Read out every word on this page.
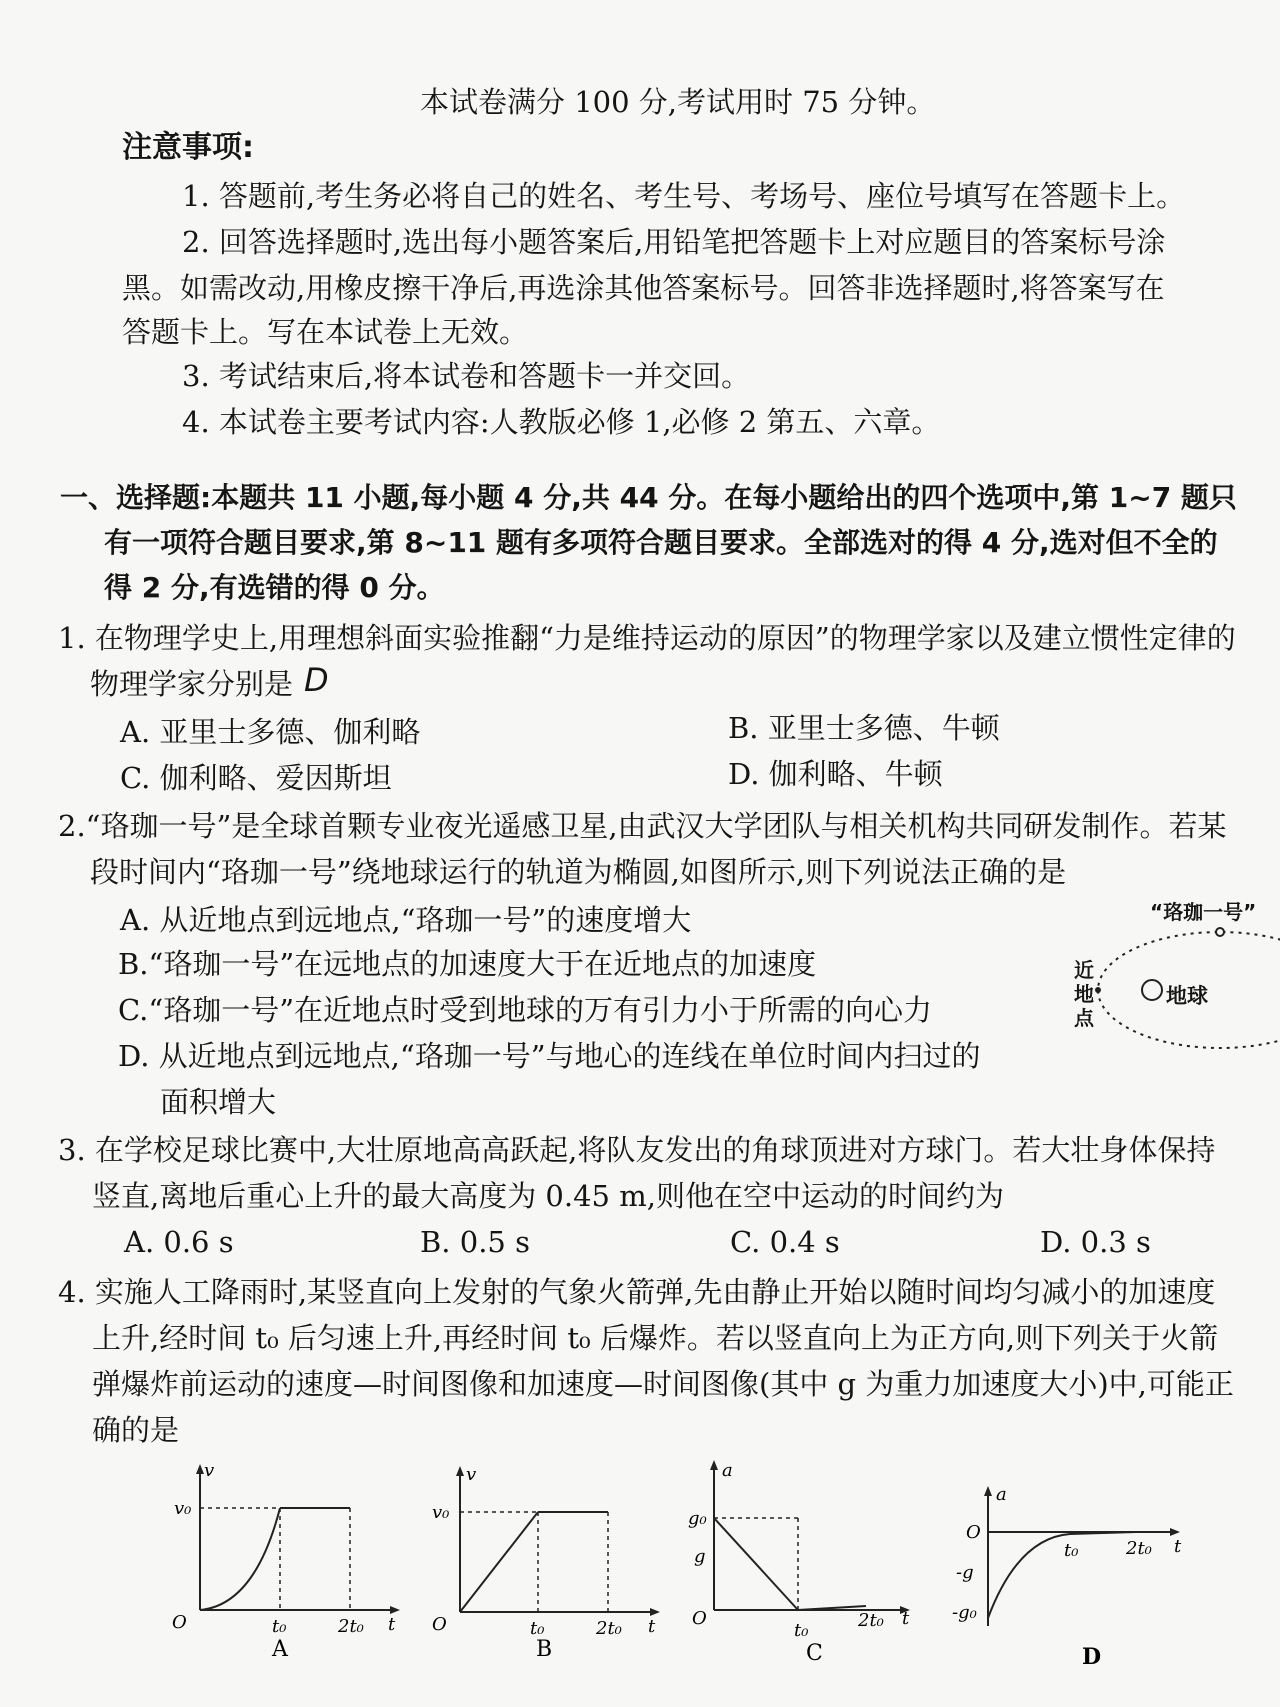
本试卷满分 100 分,考试用时 75 分钟。
注意事项:
1. 答题前,考生务必将自己的姓名、考生号、考场号、座位号填写在答题卡上。
2. 回答选择题时,选出每小题答案后,用铅笔把答题卡上对应题目的答案标号涂
黑。如需改动,用橡皮擦干净后,再选涂其他答案标号。回答非选择题时,将答案写在
答题卡上。写在本试卷上无效。
3. 考试结束后,将本试卷和答题卡一并交回。
4. 本试卷主要考试内容:人教版必修 1,必修 2 第五、六章。
一、选择题:本题共 11 小题,每小题 4 分,共 44 分。在每小题给出的四个选项中,第 1~7 题只
有一项符合题目要求,第 8~11 题有多项符合题目要求。全部选对的得 4 分,选对但不全的
得 2 分,有选错的得 0 分。
1. 在物理学史上,用理想斜面实验推翻“力是维持运动的原因”的物理学家以及建立惯性定律的
物理学家分别是 D
A. 亚里士多德、伽利略	B. 亚里士多德、牛顿
C. 伽利略、爱因斯坦	D. 伽利略、牛顿
2.“珞珈一号”是全球首颗专业夜光遥感卫星,由武汉大学团队与相关机构共同研发制作。若某
段时间内“珞珈一号”绕地球运行的轨道为椭圆,如图所示,则下列说法正确的是
A. 从近地点到远地点,“珞珈一号”的速度增大
B.“珞珈一号”在远地点的加速度大于在近地点的加速度
C.“珞珈一号”在近地点时受到地球的万有引力小于所需的向心力
D. 从近地点到远地点,“珞珈一号”与地心的连线在单位时间内扫过的
面积增大
“珞珈一号”
地球
近
地
点
3. 在学校足球比赛中,大壮原地高高跃起,将队友发出的角球顶进对方球门。若大壮身体保持
竖直,离地后重心上升的最大高度为 0.45 m,则他在空中运动的时间约为
A. 0.6 s	B. 0.5 s	C. 0.4 s	D. 0.3 s
4. 实施人工降雨时,某竖直向上发射的气象火箭弹,先由静止开始以随时间均匀减小的加速度
上升,经时间 t₀ 后匀速上升,再经时间 t₀ 后爆炸。若以竖直向上为正方向,则下列关于火箭
弹爆炸前运动的速度—时间图像和加速度—时间图像(其中 g 为重力加速度大小)中,可能正
确的是
v
v₀
O	t₀	2t₀ t
A
v
v₀
O	t₀	2t₀ t
B
a
g₀
g
O
t₀	2t₀ t
C
a
O
-g
-g₀
t₀	2t₀ t
D
